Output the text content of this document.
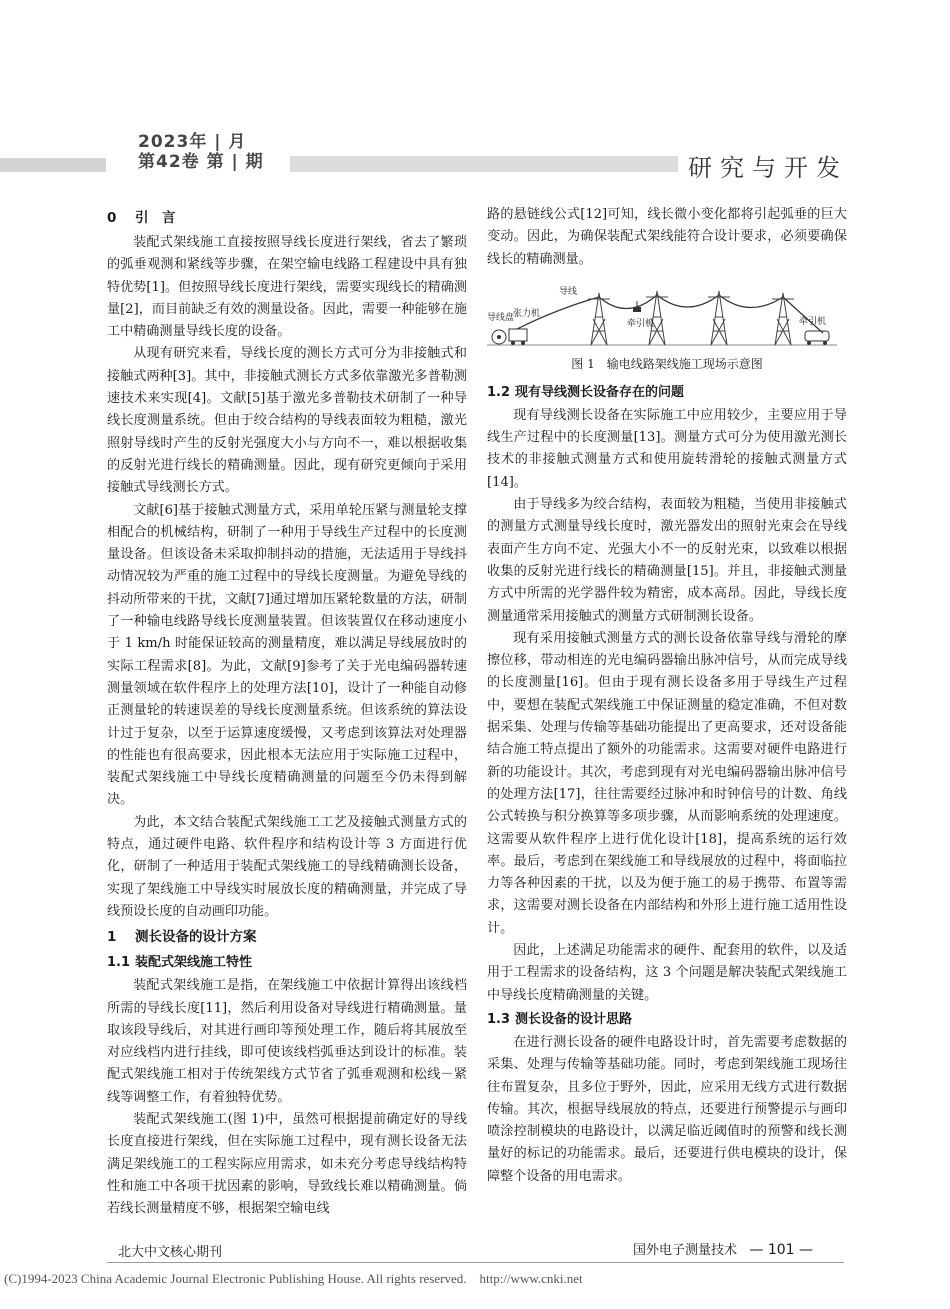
2023年 | 月
第42卷 第 | 期	研究与开发
0 引　言

装配式架线施工直接按照导线长度进行架线，省去了繁琐的弧垂观测和紧线等步骤，在架空输电线路工程建设中具有独特优势[1]。但按照导线长度进行架线，需要实现线长的精确测量[2]，而目前缺乏有效的测量设备。因此，需要一种能够在施工中精确测量导线长度的设备。

从现有研究来看，导线长度的测长方式可分为非接触式和接触式两种[3]。其中，非接触式测长方式多依靠激光多普勒测速技术来实现[4]。文献[5]基于激光多普勒技术研制了一种导线长度测量系统。但由于绞合结构的导线表面较为粗糙，激光照射导线时产生的反射光强度大小与方向不一，难以根据收集的反射光进行线长的精确测量。因此，现有研究更倾向于采用接触式导线测长方式。

文献[6]基于接触式测量方式，采用单轮压紧与测量轮支撑相配合的机械结构，研制了一种用于导线生产过程中的长度测量设备。但该设备未采取抑制抖动的措施，无法适用于导线抖动情况较为严重的施工过程中的导线长度测量。为避免导线的抖动所带来的干扰，文献[7]通过增加压紧轮数量的方法，研制了一种输电线路导线长度测量装置。但该装置仅在移动速度小于 1 km/h 时能保证较高的测量精度，难以满足导线展放时的实际工程需求[8]。为此，文献[9]参考了关于光电编码器转速测量领域在软件程序上的处理方法[10]，设计了一种能自动修正测量轮的转速误差的导线长度测量系统。但该系统的算法设计过于复杂，以至于运算速度缓慢，又考虑到该算法对处理器的性能也有很高要求，因此根本无法应用于实际施工过程中，装配式架线施工中导线长度精确测量的问题至今仍未得到解决。

为此，本文结合装配式架线施工工艺及接触式测量方式的特点，通过硬件电路、软件程序和结构设计等 3 方面进行优化，研制了一种适用于装配式架线施工的导线精确测长设备，实现了架线施工中导线实时展放长度的精确测量，并完成了导线预设长度的自动画印功能。

1 测长设备的设计方案
1.1 装配式架线施工特性

装配式架线施工是指，在架线施工中依据计算得出该线档所需的导线长度[11]，然后利用设备对导线进行精确测量。量取该段导线后，对其进行画印等预处理工作，随后将其展放至对应线档内进行挂线，即可使该线档弧垂达到设计的标准。装配式架线施工相对于传统架线方式节省了弧垂观测和松线－紧线等调整工作，有着独特优势。

装配式架线施工(图 1)中，虽然可根据提前确定好的导线长度直接进行架线，但在实际施工过程中，现有测长设备无法满足架线施工的工程实际应用需求，如未充分考虑导线结构特性和施工中各项干扰因素的影响，导致线长难以精确测量。倘若线长测量精度不够，根据架空输电线

路的悬链线公式[12]可知，线长微小变化都将引起弧垂的巨大变动。因此，为确保装配式架线能符合设计要求，必须要确保线长的精确测量。

导线盘
张力机
导线
牵引板	牵引机
图 1　输电线路架线施工现场示意图
1.2 现有导线测长设备存在的问题

现有导线测长设备在实际施工中应用较少，主要应用于导线生产过程中的长度测量[13]。测量方式可分为使用激光测长技术的非接触式测量方式和使用旋转滑轮的接触式测量方式[14]。

由于导线多为绞合结构，表面较为粗糙，当使用非接触式的测量方式测量导线长度时，激光器发出的照射光束会在导线表面产生方向不定、光强大小不一的反射光束，以致难以根据收集的反射光进行线长的精确测量[15]。并且，非接触式测量方式中所需的光学器件较为精密，成本高昂。因此，导线长度测量通常采用接触式的测量方式研制测长设备。

现有采用接触式测量方式的测长设备依靠导线与滑轮的摩擦位移，带动相连的光电编码器输出脉冲信号，从而完成导线的长度测量[16]。但由于现有测长设备多用于导线生产过程中，要想在装配式架线施工中保证测量的稳定准确，不但对数据采集、处理与传输等基础功能提出了更高要求，还对设备能结合施工特点提出了额外的功能需求。这需要对硬件电路进行新的功能设计。其次，考虑到现有对光电编码器输出脉冲信号的处理方法[17]，往往需要经过脉冲和时钟信号的计数、角线公式转换与积分换算等多项步骤，从而影响系统的处理速度。这需要从软件程序上进行优化设计[18]，提高系统的运行效率。最后，考虑到在架线施工和导线展放的过程中，将面临拉力等各种因素的干扰，以及为便于施工的易于携带、布置等需求，这需要对测长设备在内部结构和外形上进行施工适用性设计。

因此，上述满足功能需求的硬件、配套用的软件，以及适用于工程需求的设备结构，这 3 个问题是解决装配式架线施工中导线长度精确测量的关键。

1.3 测长设备的设计思路

在进行测长设备的硬件电路设计时，首先需要考虑数据的采集、处理与传输等基础功能。同时，考虑到架线施工现场往往布置复杂，且多位于野外，因此，应采用无线方式进行数据传输。其次，根据导线展放的特点，还要进行预警提示与画印喷涂控制模块的电路设计，以满足临近阈值时的预警和线长测量好的标记的功能需求。最后，还要进行供电模块的设计，保障整个设备的用电需求。

北大中文核心期刊	国外电子测量技术 — 101 —
(C)1994-2023 China Academic Journal Electronic Publishing House. All rights reserved.　http://www.cnki.net
